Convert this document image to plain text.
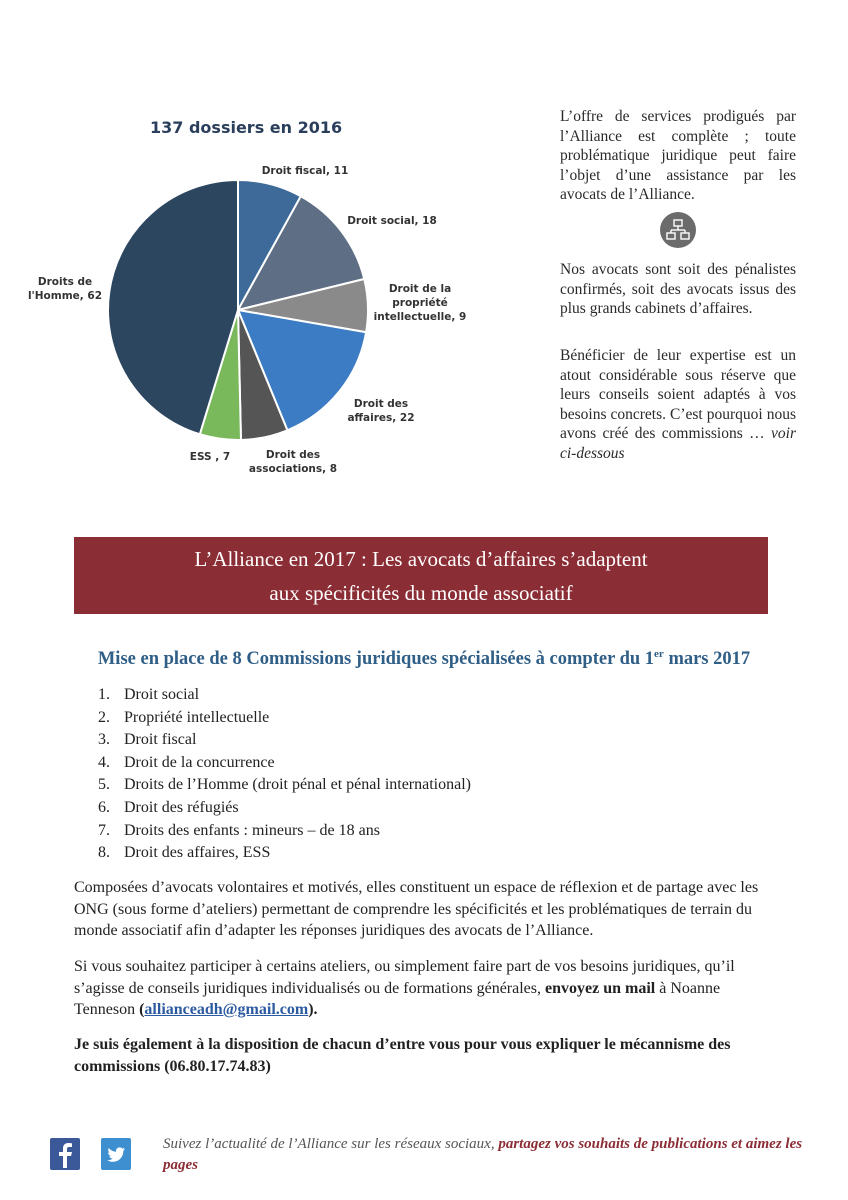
137 dossiers en 2016
Droit fiscal, 11
Droit social, 18
Droit de la propriété intellectuelle, 9
Droit des affaires, 22
Droit des associations, 8
ESS , 7
Droits de l'Homme, 62

L’offre de services prodigués par l’Alliance est complète ; toute problématique juridique peut faire l’objet d’une assistance par les avocats de l’Alliance.

Nos avocats sont soit des pénalistes confirmés, soit des avocats issus des plus grands cabinets d’affaires.

Bénéficier de leur expertise est un atout considérable sous réserve que leurs conseils soient adaptés à vos besoins concrets. C’est pourquoi nous avons créé des commissions … voir ci-dessous

L’Alliance en 2017 : Les avocats d’affaires s’adaptent
aux spécificités du monde associatif
Mise en place de 8 Commissions juridiques spécialisées à compter du 1er mars 2017
1. Droit social
2. Propriété intellectuelle
3. Droit fiscal
4. Droit de la concurrence
5. Droits de l’Homme (droit pénal et pénal international)
6. Droit des réfugiés
7. Droits des enfants : mineurs – de 18 ans
8. Droit des affaires, ESS

Composées d’avocats volontaires et motivés, elles constituent un espace de réflexion et de partage avec les ONG (sous forme d’ateliers) permettant de comprendre les spécificités et les problématiques de terrain du monde associatif afin d’adapter les réponses juridiques des avocats de l’Alliance.

Si vous souhaitez participer à certains ateliers, ou simplement faire part de vos besoins juridiques, qu’il s’agisse de conseils juridiques individualisés ou de formations générales, envoyez un mail à Noanne Tenneson (alliancеadh@gmail.com).

Je suis également à la disposition de chacun d’entre vous pour vous expliquer le mécannisme des commissions (06.80.17.74.83)

Suivez l’actualité de l’Alliance sur les réseaux sociaux, partagez vos souhaits de publications et aimez les pages
